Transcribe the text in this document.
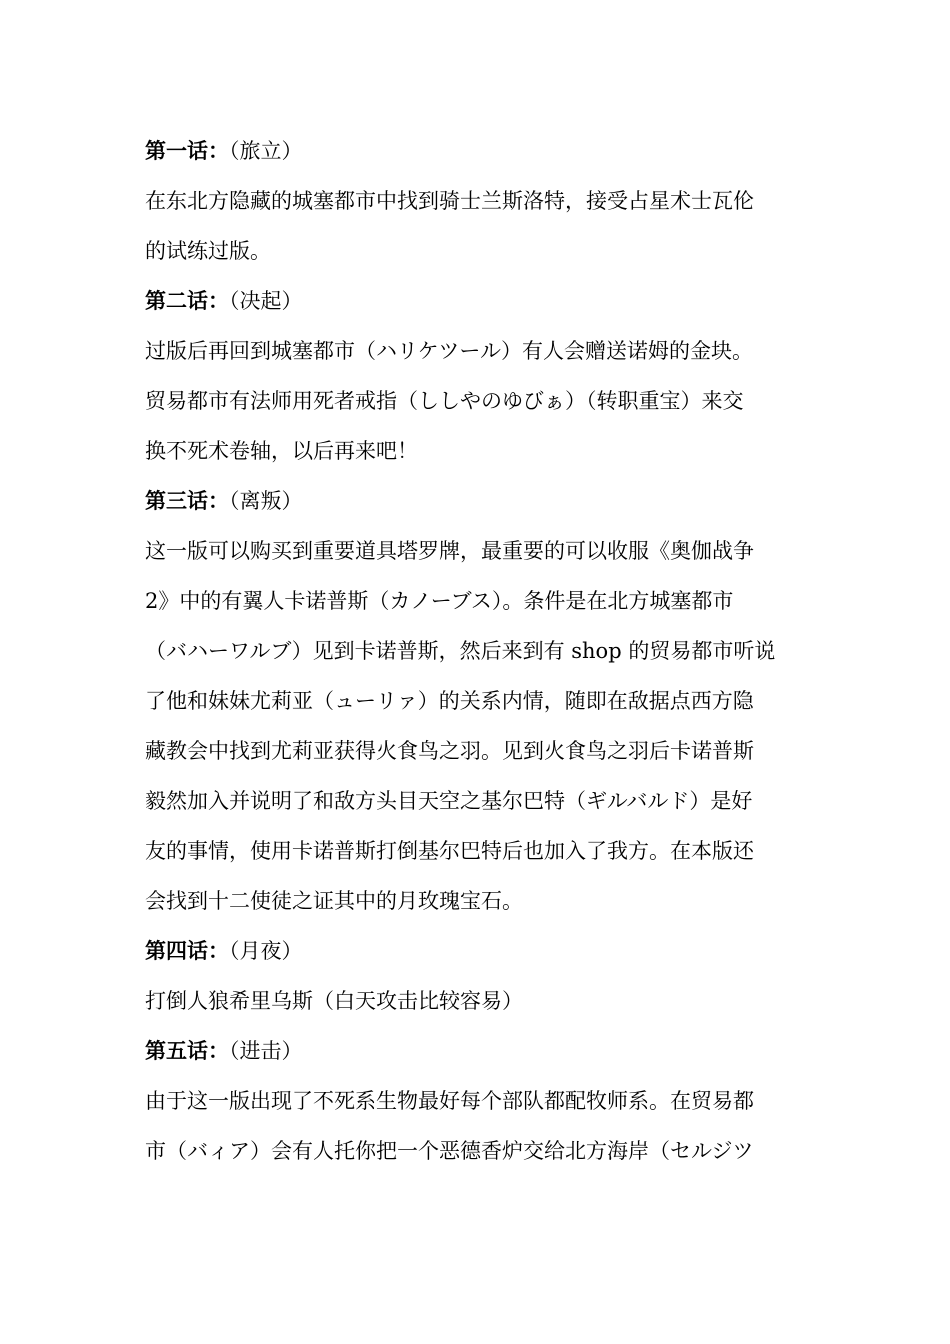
第一话：（旅立）

在东北方隐藏的城塞都市中找到骑士兰斯洛特，接受占星术士瓦伦
的试练过版。

第二话：（决起）

过版后再回到城塞都市（ハリケツール）有人会赠送诺姆的金块。
贸易都市有法师用死者戒指（ししやのゆびぁ）（转职重宝）来交
换不死术卷轴，以后再来吧！

第三话：（离叛）

这一版可以购买到重要道具塔罗牌，最重要的可以收服《奥伽战争
2》中的有翼人卡诺普斯（カノーブス）。条件是在北方城塞都市
（バハーワルブ）见到卡诺普斯，然后来到有 shop 的贸易都市听说
了他和妹妹尤莉亚（ューリァ）的关系内情，随即在敌据点西方隐
藏教会中找到尤莉亚获得火食鸟之羽。见到火食鸟之羽后卡诺普斯
毅然加入并说明了和敌方头目天空之基尔巴特（ギルバルド）是好
友的事情，使用卡诺普斯打倒基尔巴特后也加入了我方。在本版还
会找到十二使徒之证其中的月玫瑰宝石。

第四话：（月夜）

打倒人狼希里乌斯（白天攻击比较容易）

第五话：（进击）

由于这一版出现了不死系生物最好每个部队都配牧师系。在贸易都
市（バィア）会有人托你把一个恶德香炉交给北方海岸（セルジツ
